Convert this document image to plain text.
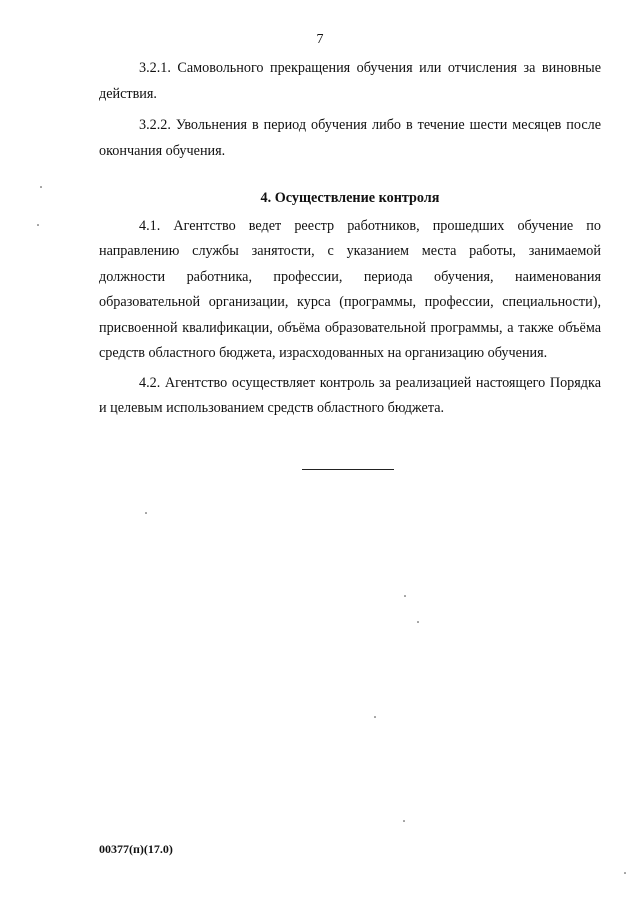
7

3.2.1. Самовольного прекращения обучения или отчисления за виновные действия.

3.2.2. Увольнения в период обучения либо в течение шести месяцев после окончания обучения.

4. Осуществление контроля

4.1. Агентство ведет реестр работников, прошедших обучение по направлению службы занятости, с указанием места работы, занимаемой должности работника, профессии, периода обучения, наименования образовательной организации, курса (программы, профессии, специальности), присвоенной квалификации, объёма образовательной программы, а также объёма средств областного бюджета, израсходованных на организацию обучения.

4.2. Агентство осуществляет контроль за реализацией настоящего Порядка и целевым использованием средств областного бюджета.

00377(п)(17.0)
